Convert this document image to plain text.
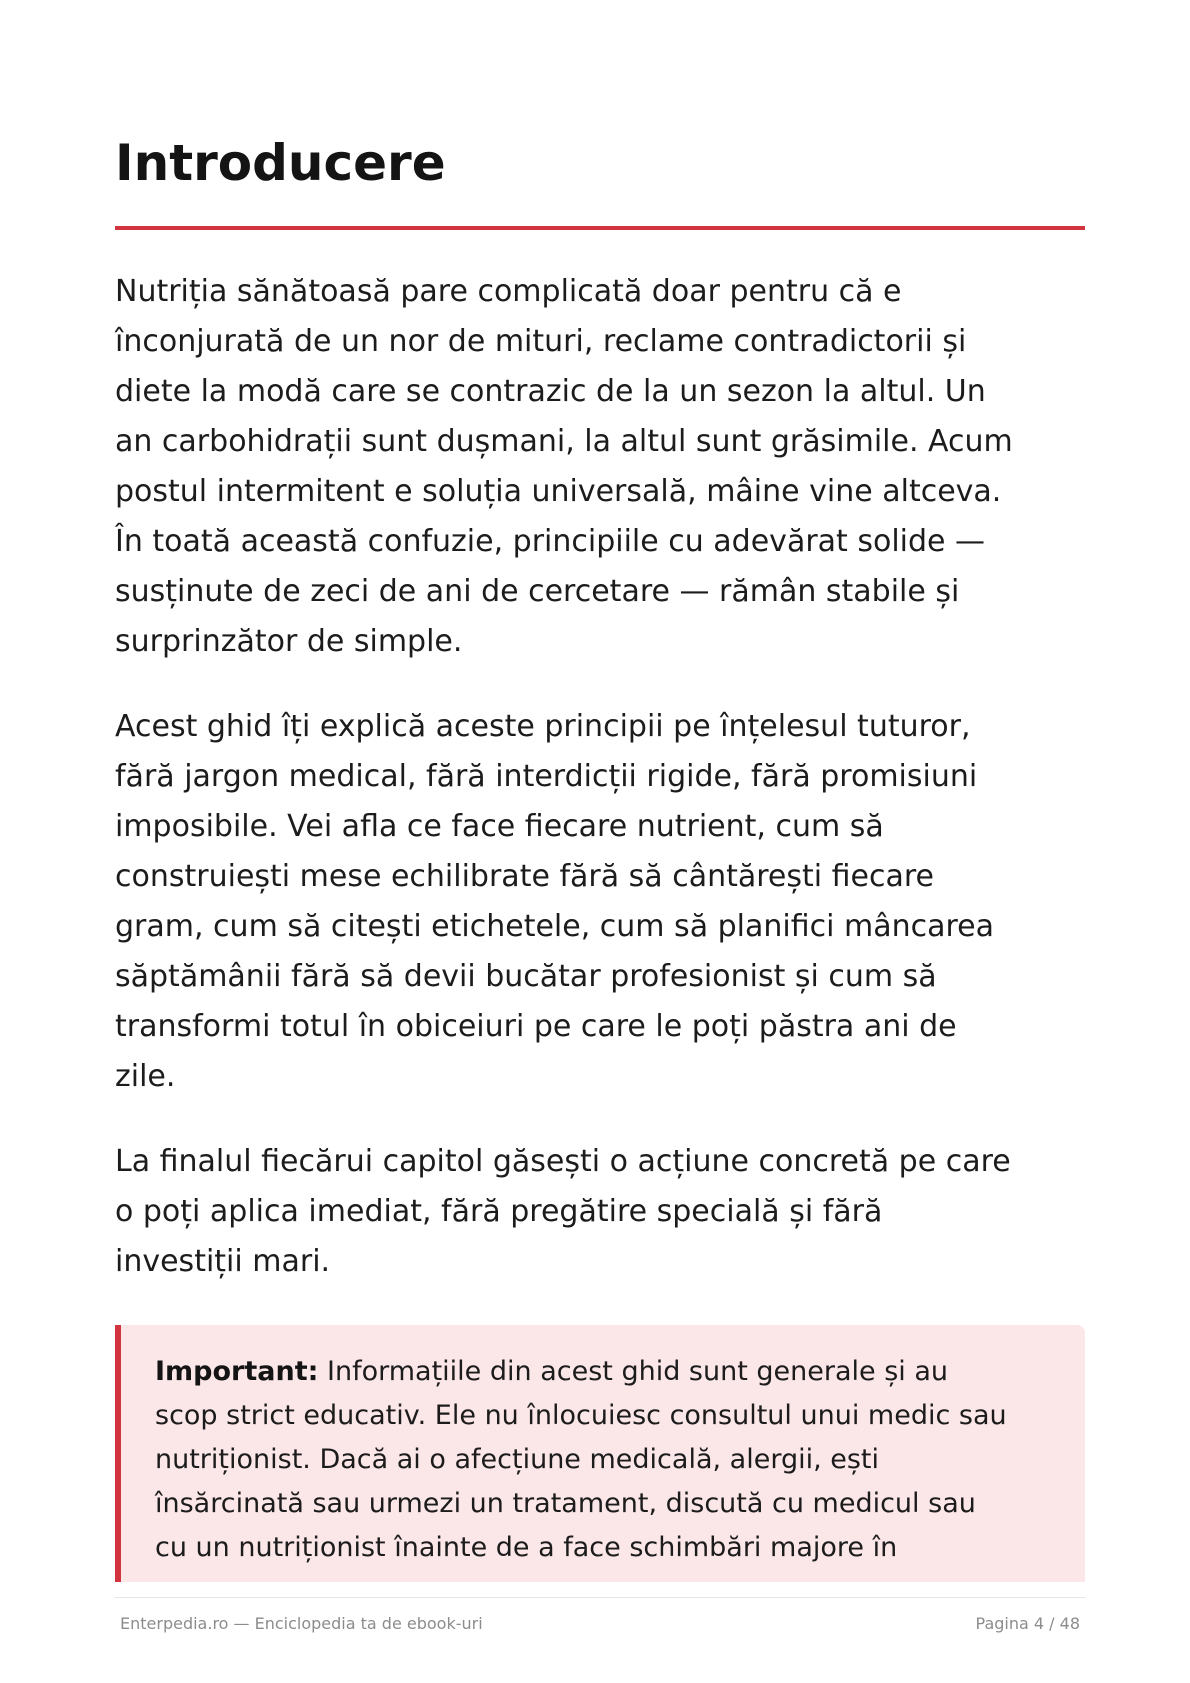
Introducere

Nutriția sănătoasă pare complicată doar pentru că e
înconjurată de un nor de mituri, reclame contradictorii și
diete la modă care se contrazic de la un sezon la altul. Un
an carbohidrații sunt dușmani, la altul sunt grăsimile. Acum
postul intermitent e soluția universală, mâine vine altceva.
În toată această confuzie, principiile cu adevărat solide —
susținute de zeci de ani de cercetare — rămân stabile și
surprinzător de simple.

Acest ghid îți explică aceste principii pe înțelesul tuturor,
fără jargon medical, fără interdicții rigide, fără promisiuni
imposibile. Vei afla ce face fiecare nutrient, cum să
construiești mese echilibrate fără să cântărești fiecare
gram, cum să citești etichetele, cum să planifici mâncarea
săptămânii fără să devii bucătar profesionist și cum să
transformi totul în obiceiuri pe care le poți păstra ani de
zile.

La finalul fiecărui capitol găsești o acțiune concretă pe care
o poți aplica imediat, fără pregătire specială și fără
investiții mari.

Important: Informațiile din acest ghid sunt generale și au
scop strict educativ. Ele nu înlocuiesc consultul unui medic sau
nutriționist. Dacă ai o afecțiune medicală, alergii, ești
însărcinată sau urmezi un tratament, discută cu medicul sau
cu un nutriționist înainte de a face schimbări majore în

Enterpedia.ro — Enciclopedia ta de ebook-uri	Pagina 4 / 48
